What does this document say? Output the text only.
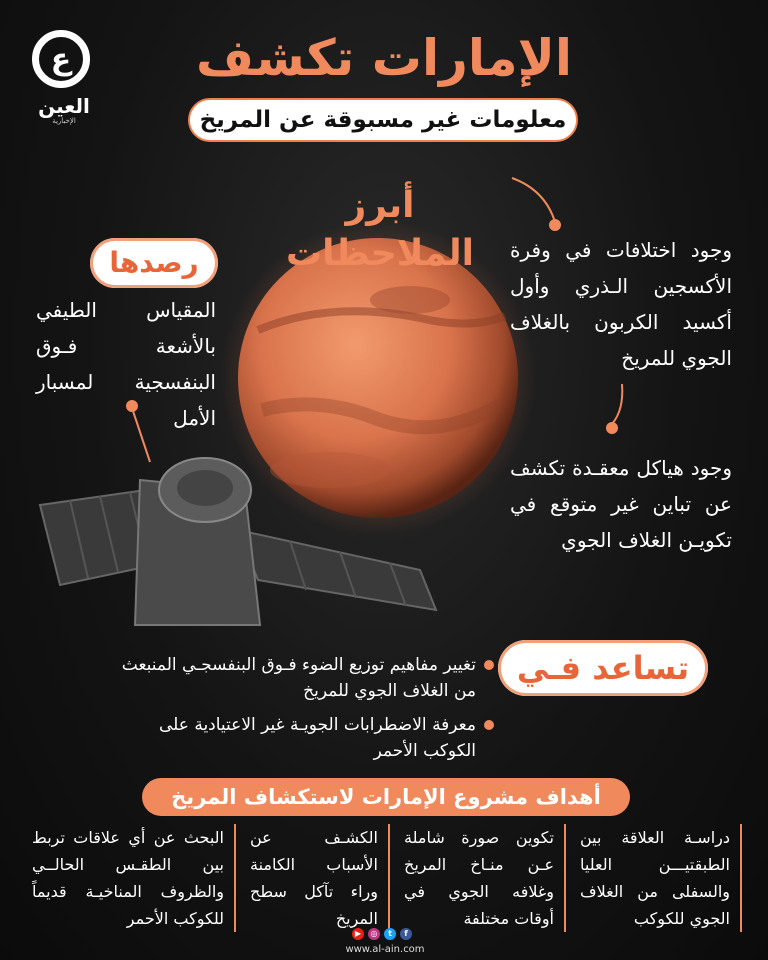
ع
العين
الإخبارية
الإمارات تكشف
معلومات غير مسبوقة عن المريخ
أبرز الملاحظات	وجود اختلافات في وفرة الأكسجين الـذري وأول أكسيد الكربون بالغلاف الجوي للمريخ
وجود هياكل معقـدة تكشف عن تباين غير متوقع في تكويـن الغلاف الجوي
رصدها
المقياس الطيفي بالأشعة فـوق البنفسجية لمسبار الأمل
تساعد فـي
تغيير مفاهيم توزيع الضوء فـوق البنفسجـي المنبعث من الغلاف الجوي للمريخ
معرفة الاضطرابات الجويـة غير الاعتيادية على الكوكب الأحمر
أهداف مشروع الإمارات لاستكشاف المريخ
دراسـة العلاقة بين الطبقتيـــن العليا والسفلى من الغلاف الجوي للكوكب
تكوين صورة شاملة عـن منـاخ المريخ وغلافه الجوي في أوقات مختلفة
الكشـف عن الأسباب الكامنة وراء تآكل سطح المريخ
البحث عن أي علاقات تربط بين الطقـس الحالــي والظروف المناخيـة قديماً للكوكب الأحمر
▶	◎	t	f
www.al-ain.com
